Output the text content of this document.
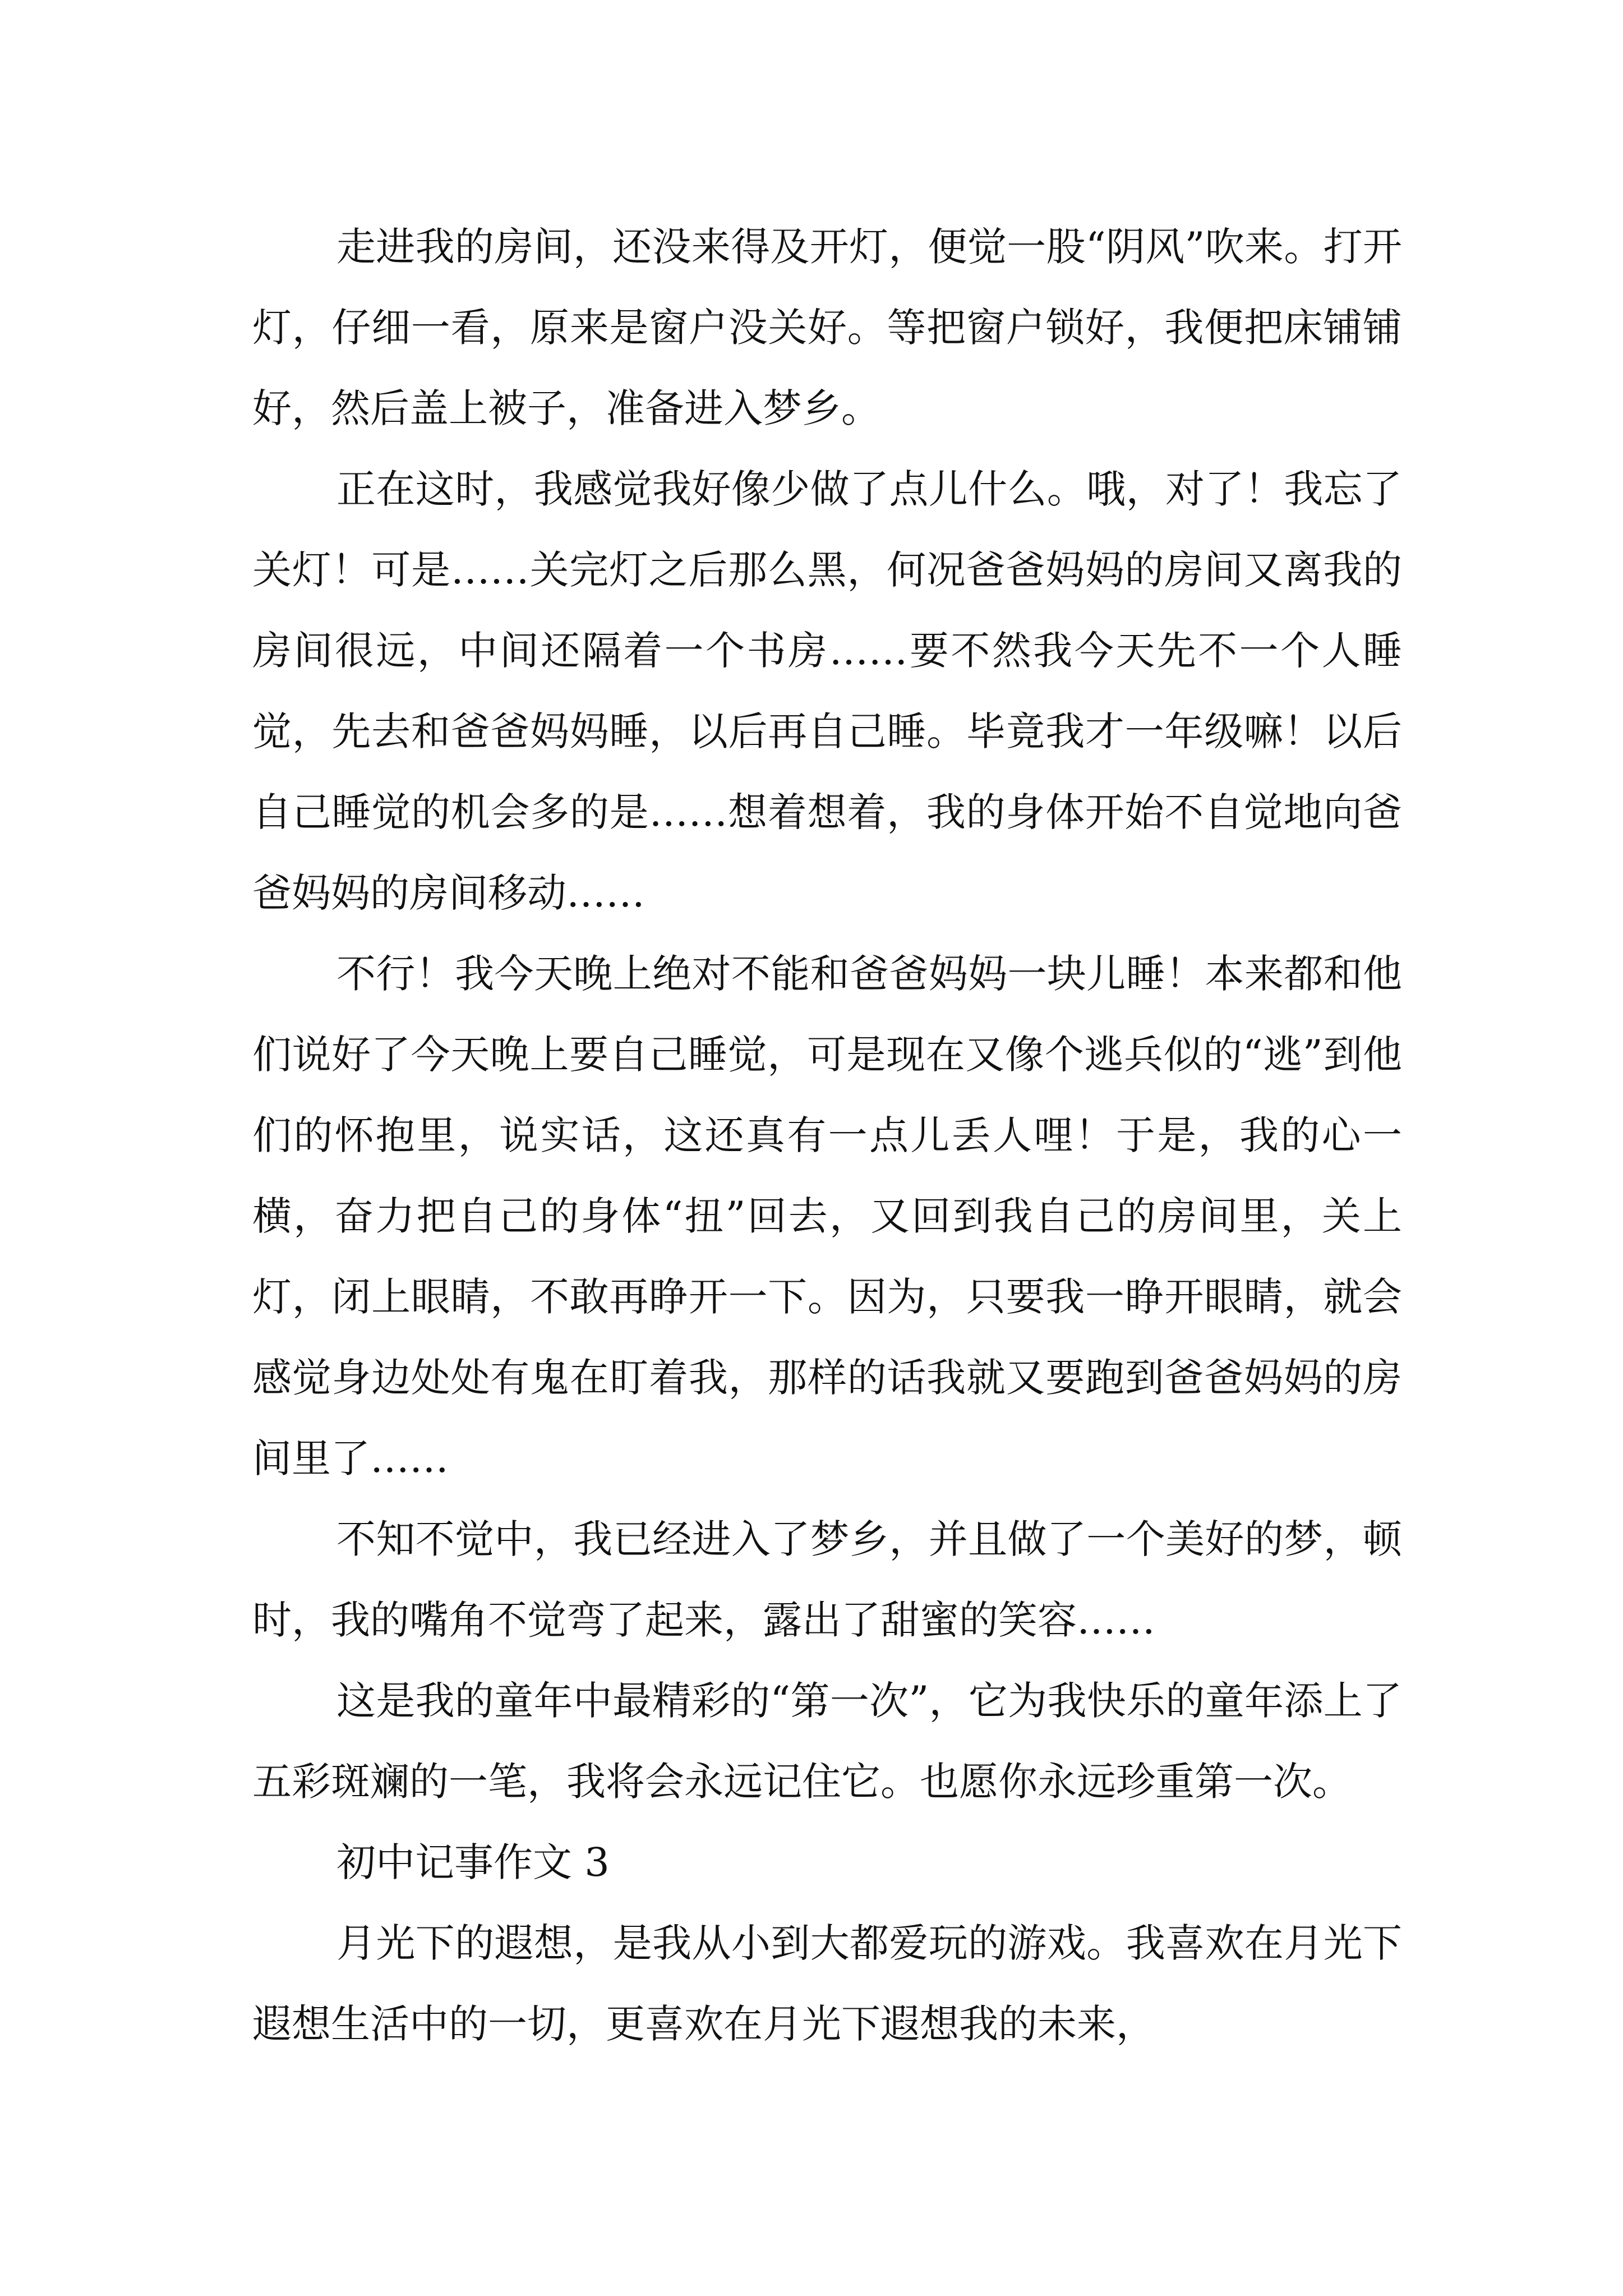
走进我的房间，还没来得及开灯，便觉一股“阴风”吹来。打开灯，仔细一看，原来是窗户没关好。等把窗户锁好，我便把床铺铺好，然后盖上被子，准备进入梦乡。

正在这时，我感觉我好像少做了点儿什么。哦，对了！我忘了关灯！可是……关完灯之后那么黑，何况爸爸妈妈的房间又离我的房间很远，中间还隔着一个书房……要不然我今天先不一个人睡觉，先去和爸爸妈妈睡，以后再自己睡。毕竟我才一年级嘛！以后自己睡觉的机会多的是……想着想着，我的身体开始不自觉地向爸爸妈妈的房间移动……

不行！我今天晚上绝对不能和爸爸妈妈一块儿睡！本来都和他们说好了今天晚上要自己睡觉，可是现在又像个逃兵似的“逃”到他们的怀抱里，说实话，这还真有一点儿丢人哩！于是，我的心一横，奋力把自己的身体“扭”回去，又回到我自己的房间里，关上灯，闭上眼睛，不敢再睁开一下。因为，只要我一睁开眼睛，就会感觉身边处处有鬼在盯着我，那样的话我就又要跑到爸爸妈妈的房间里了……

不知不觉中，我已经进入了梦乡，并且做了一个美好的梦，顿时，我的嘴角不觉弯了起来，露出了甜蜜的笑容……

这是我的童年中最精彩的“第一次”，它为我快乐的童年添上了五彩斑斓的一笔，我将会永远记住它。也愿你永远珍重第一次。

初中记事作文 3

月光下的遐想，是我从小到大都爱玩的游戏。我喜欢在月光下遐想生活中的一切，更喜欢在月光下遐想我的未来，
